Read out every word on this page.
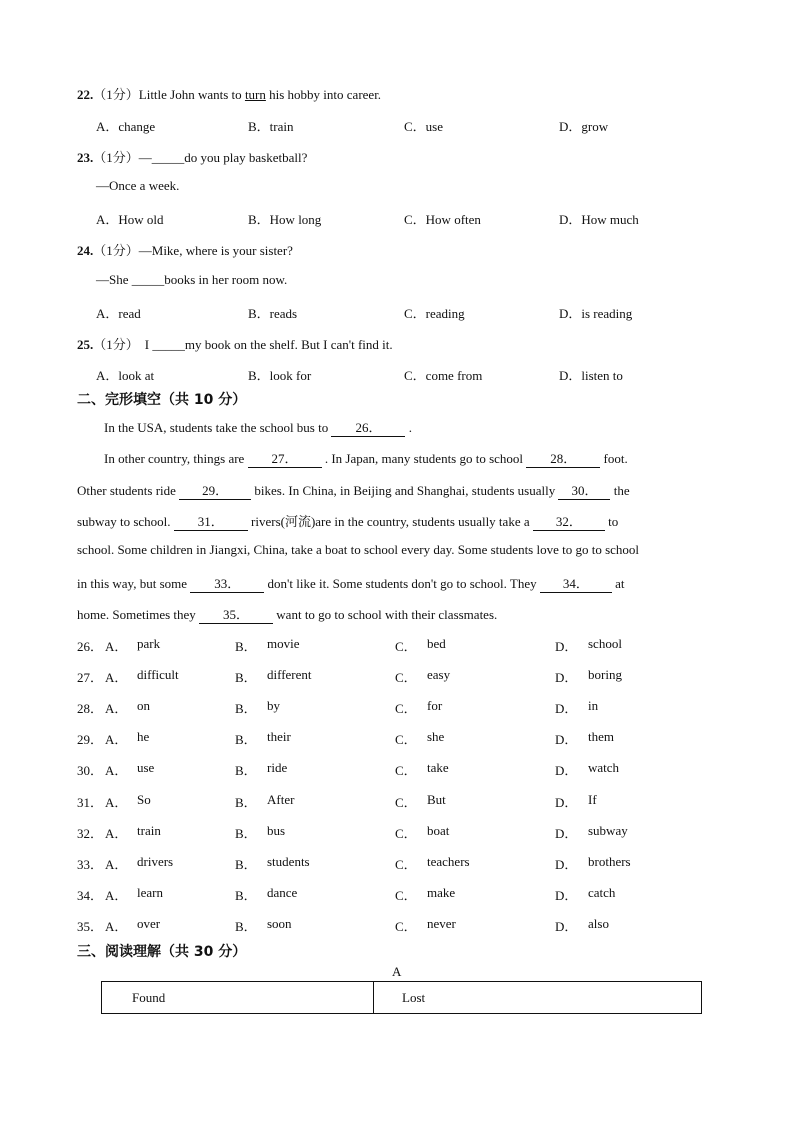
22.（1分）Little John wants to turn his hobby into career.
A．change	B．train	C．use	D．grow
23.（1分）—_____do you play basketball?
—Once a week.
A．How old	B．How long	C．How often	D．How much
24.（1分）—Mike, where is your sister?
—She _____books in her room now.
A．read	B．reads	C．reading	D．is reading
25.（1分） I _____my book on the shelf. But I can't find it.
A．look at	B．look for	C．come from	D．listen to
二、完形填空（共 10 分）
In the USA, students take the school bus to 26． .
In other country, things are 27． . In Japan, many students go to school 28． foot.
Other students ride 29． bikes. In China, in Beijing and Shanghai, students usually 30． the
subway to school. 31． rivers(河流)are in the country, students usually take a 32． to
school. Some children in Jiangxi, China, take a boat to school every day. Some students love to go to school
in this way, but some 33． don't like it. Some students don't go to school. They 34． at
home. Sometimes they 35． want to go to school with their classmates.
26． A． park	B． movie	C． bed	D． school
27． A． difficult	B． different	C． easy	D． boring
28． A． on	B． by	C． for	D． in
29． A． he	B． their	C． she	D． them
30． A． use	B． ride	C． take	D． watch
31． A． So	B． After	C． But	D． If
32． A． train	B． bus	C． boat	D． subway
33． A． drivers	B． students	C． teachers	D． brothers
34． A． learn	B． dance	C． make	D． catch
35． A． over	B． soon	C． never	D． also
三、阅读理解（共 30 分）
A
Found	Lost
